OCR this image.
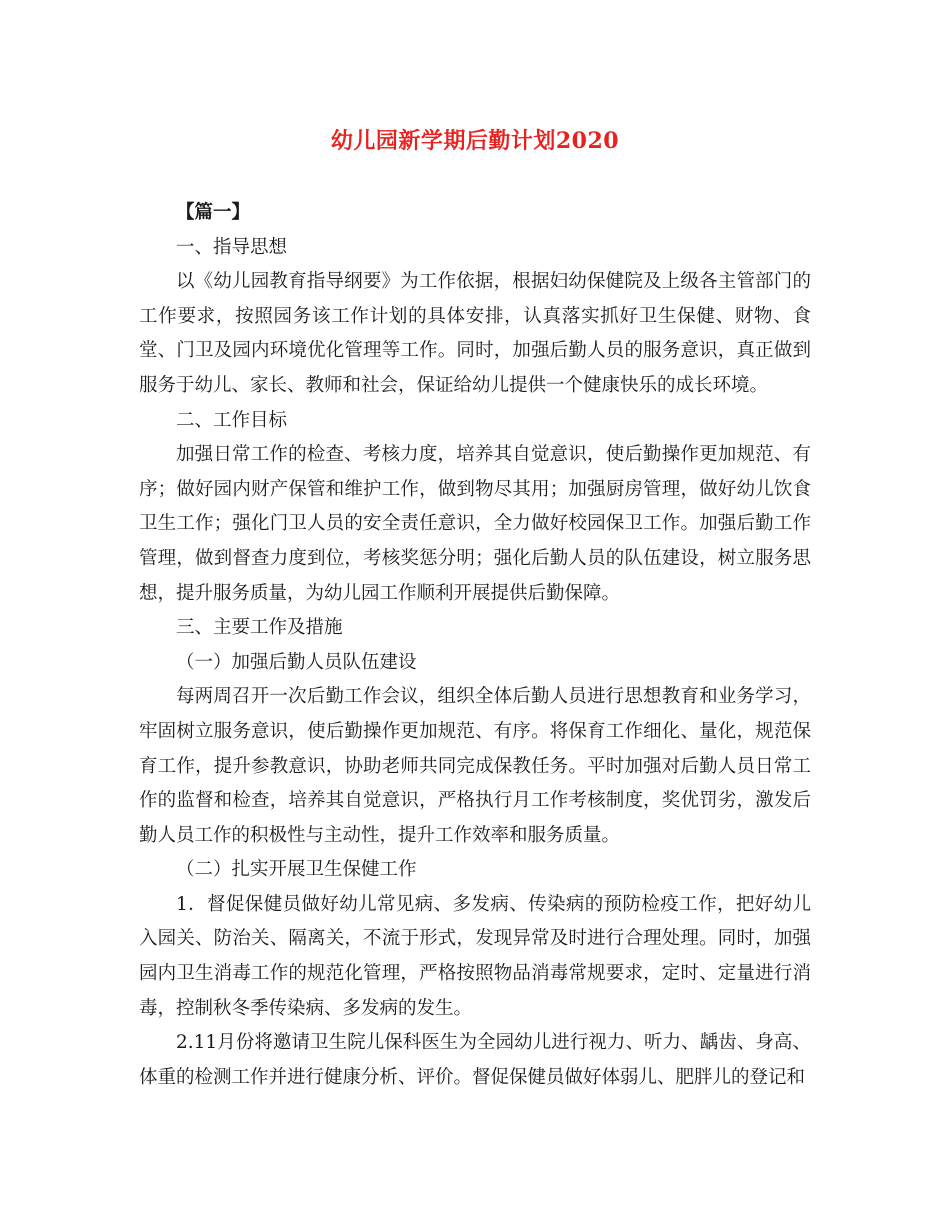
幼儿园新学期后勤计划2020

【篇一】

一、指导思想

以《幼儿园教育指导纲要》为工作依据，根据妇幼保健院及上级各主管部门的工作要求，按照园务该工作计划的具体安排，认真落实抓好卫生保健、财物、食堂、门卫及园内环境优化管理等工作。同时，加强后勤人员的服务意识，真正做到服务于幼儿、家长、教师和社会，保证给幼儿提供一个健康快乐的成长环境。

二、工作目标

加强日常工作的检查、考核力度，培养其自觉意识，使后勤操作更加规范、有序；做好园内财产保管和维护工作，做到物尽其用；加强厨房管理，做好幼儿饮食卫生工作；强化门卫人员的安全责任意识，全力做好校园保卫工作。加强后勤工作管理，做到督查力度到位，考核奖惩分明；强化后勤人员的队伍建设，树立服务思想，提升服务质量，为幼儿园工作顺利开展提供后勤保障。

三、主要工作及措施

（一）加强后勤人员队伍建设

每两周召开一次后勤工作会议，组织全体后勤人员进行思想教育和业务学习，牢固树立服务意识，使后勤操作更加规范、有序。将保育工作细化、量化，规范保育工作，提升参教意识，协助老师共同完成保教任务。平时加强对后勤人员日常工作的监督和检查，培养其自觉意识，严格执行月工作考核制度，奖优罚劣，激发后勤人员工作的积极性与主动性，提升工作效率和服务质量。

（二）扎实开展卫生保健工作

1．督促保健员做好幼儿常见病、多发病、传染病的预防检疫工作，把好幼儿入园关、防治关、隔离关，不流于形式，发现异常及时进行合理处理。同时，加强园内卫生消毒工作的规范化管理，严格按照物品消毒常规要求，定时、定量进行消毒，控制秋冬季传染病、多发病的发生。

2.11月份将邀请卫生院儿保科医生为全园幼儿进行视力、听力、龋齿、身高、体重的检测工作并进行健康分析、评价。督促保健员做好体弱儿、肥胖儿的登记和
